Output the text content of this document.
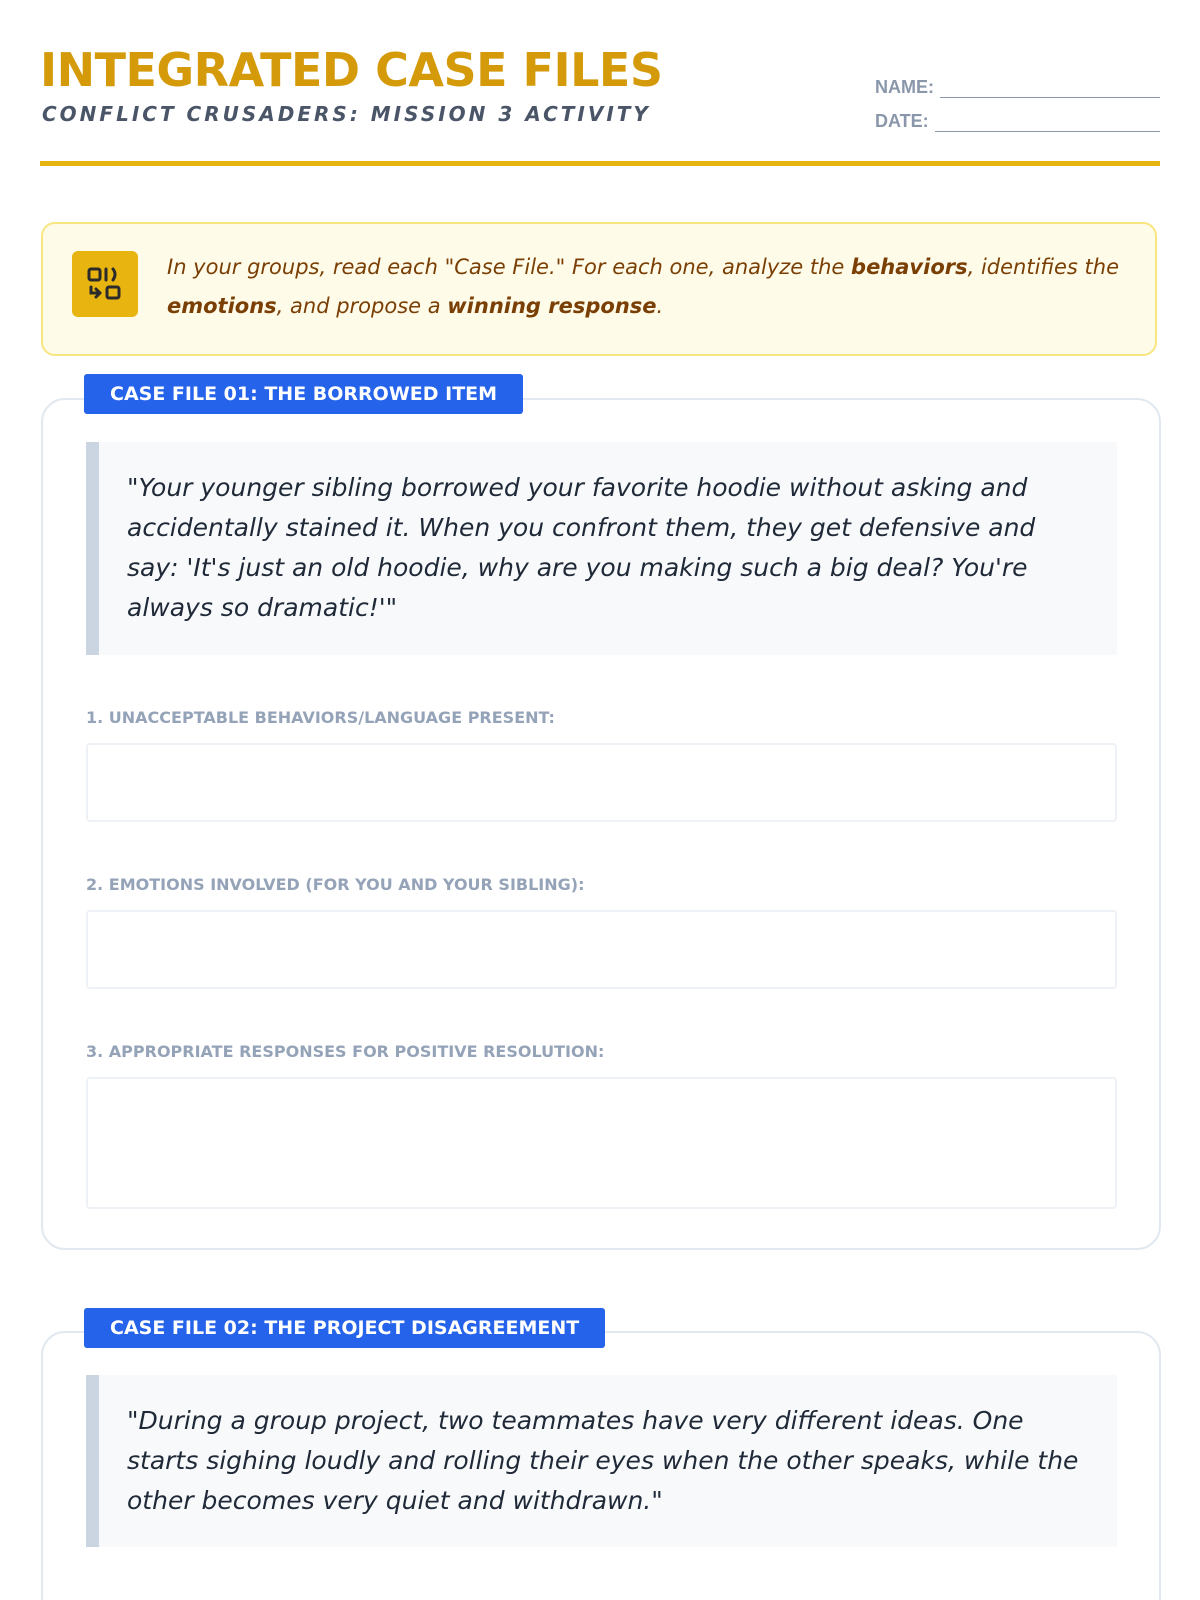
INTEGRATED CASE FILES
CONFLICT CRUSADERS: MISSION 3 ACTIVITY
NAME:
DATE:
In your groups, read each "Case File." For each one, analyze the behaviors, identifies the emotions, and propose a winning response.
"Your younger sibling borrowed your favorite hoodie without asking and accidentally stained it. When you confront them, they get defensive and say: 'It's just an old hoodie, why are you making such a big deal? You're always so dramatic!'"
1. UNACCEPTABLE BEHAVIORS/LANGUAGE PRESENT:
2. EMOTIONS INVOLVED (FOR YOU AND YOUR SIBLING):
3. APPROPRIATE RESPONSES FOR POSITIVE RESOLUTION:
CASE FILE 01: THE BORROWED ITEM
"During a group project, two teammates have very different ideas. One starts sighing loudly and rolling their eyes when the other speaks, while the other becomes very quiet and withdrawn."
CASE FILE 02: THE PROJECT DISAGREEMENT
